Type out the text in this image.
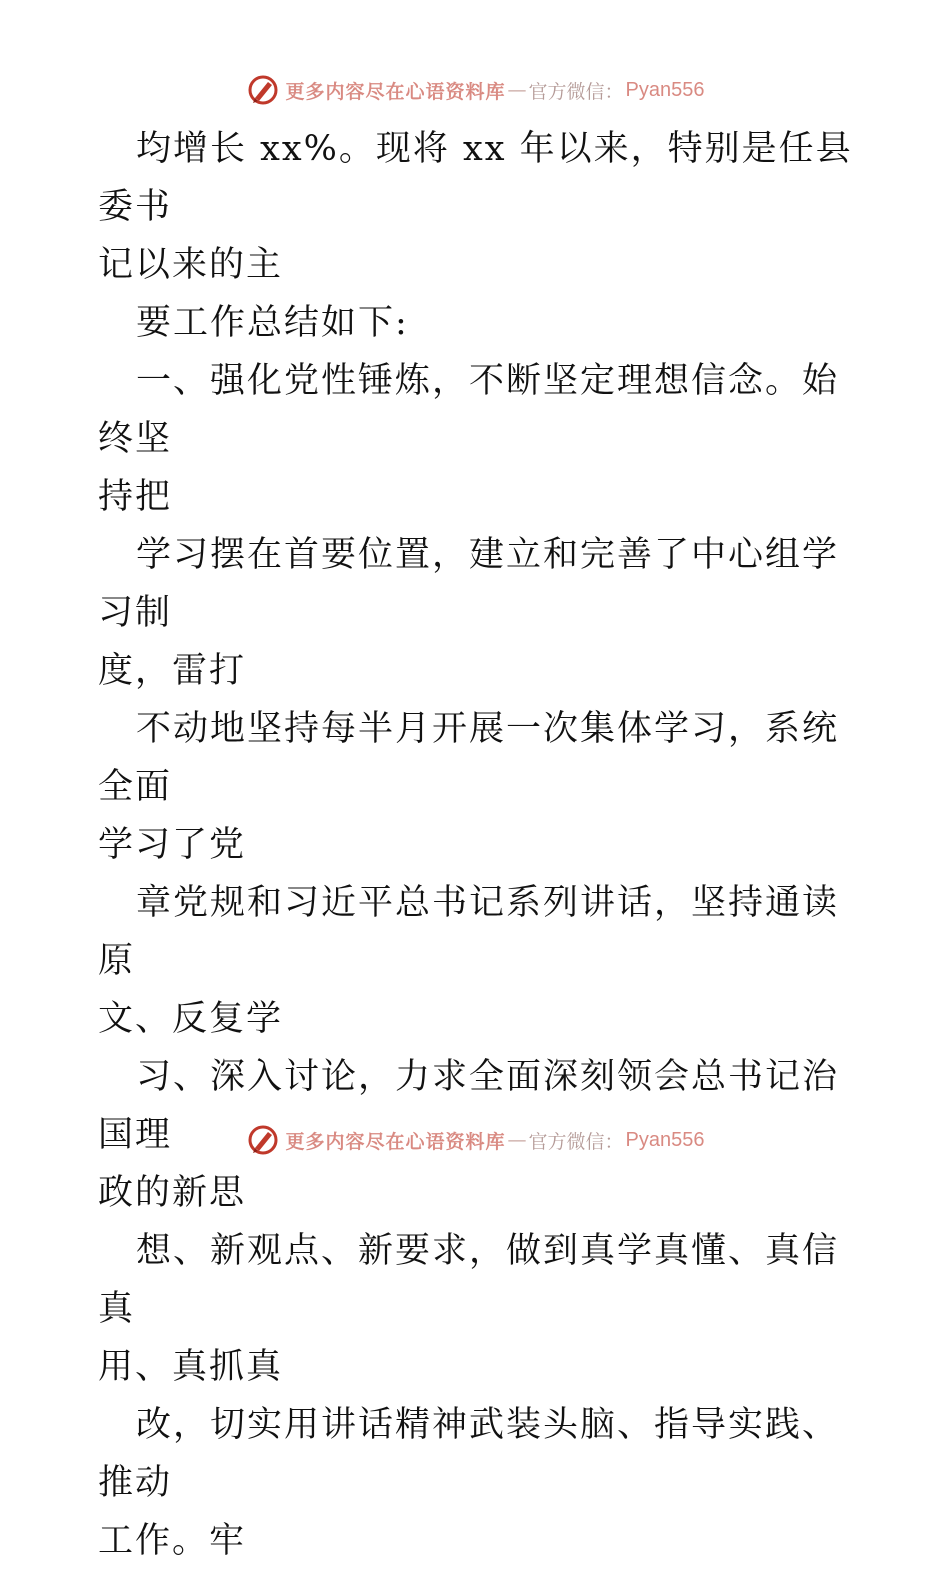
更多内容尽在心语资料库 — 官方微信： Pyan556

均增长 xx%。现将 xx 年以来，特别是任县委书
记以来的主

要工作总结如下:

一、强化党性锤炼，不断坚定理想信念。始终坚
持把

学习摆在首要位置，建立和完善了中心组学习制
度，雷打

不动地坚持每半月开展一次集体学习，系统全面
学习了党

章党规和习近平总书记系列讲话，坚持通读原
文、反复学

习、深入讨论，力求全面深刻领会总书记治国理
政的新思

想、新观点、新要求，做到真学真懂、真信真
用、真抓真

改，切实用讲话精神武装头脑、指导实践、推动
工作。牢

更多内容尽在心语资料库 — 官方微信： Pyan556
